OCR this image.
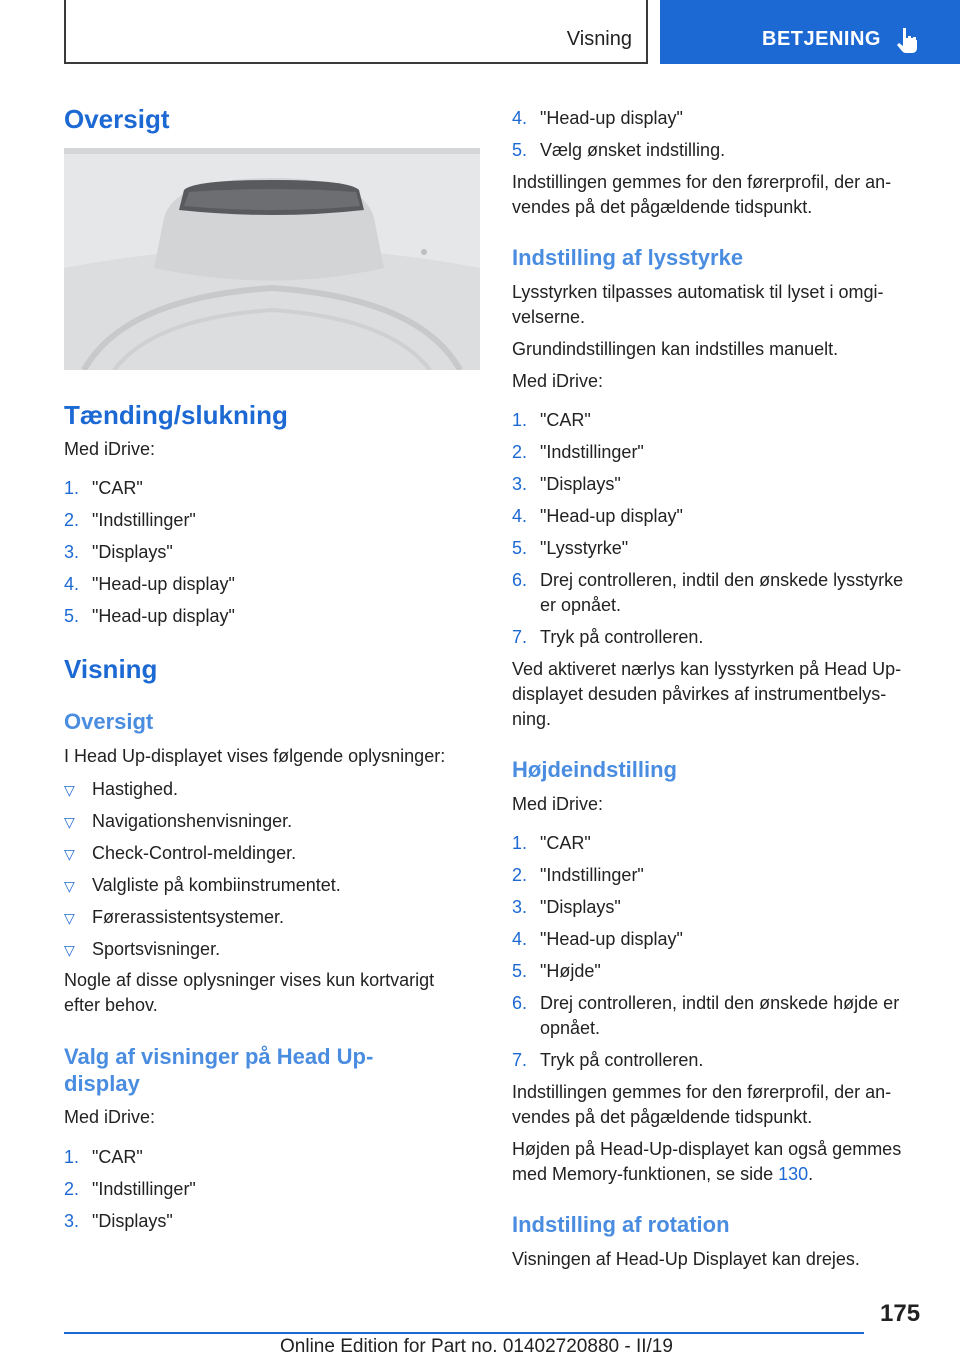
Visning	BETJENING
Oversigt
Tænding/slukning

Med iDrive:

1. "CAR"
2. "Indstillinger"
3. "Displays"
4. "Head-up display"
5. "Head-up display"
Visning
Oversigt

I Head Up-displayet vises følgende oplysninger:

▽ Hastighed.
▽ Navigationshenvisninger.
▽ Check-Control-meldinger.
▽ Valgliste på kombiinstrumentet.
▽ Førerassistentsystemer.
▽ Sportsvisninger.

Nogle af disse oplysninger vises kun kortvarigt

efter behov.

Valg af visninger på Head Up-
display

Med iDrive:

1. "CAR"
2. "Indstillinger"
3. "Displays"
4. "Head-up display"
5. Vælg ønsket indstilling.

Indstillingen gemmes for den førerprofil, der an-

vendes på det pågældende tidspunkt.

Indstilling af lysstyrke

Lysstyrken tilpasses automatisk til lyset i omgi-

velserne.

Grundindstillingen kan indstilles manuelt.

Med iDrive:

1. "CAR"
2. "Indstillinger"
3. "Displays"
4. "Head-up display"
5. "Lysstyrke"
6. Drej controlleren, indtil den ønskede lysstyrke
er opnået.
7. Tryk på controlleren.

Ved aktiveret nærlys kan lysstyrken på Head Up-

displayet desuden påvirkes af instrumentbelys-

ning.

Højdeindstilling

Med iDrive:

1. "CAR"
2. "Indstillinger"
3. "Displays"
4. "Head-up display"
5. "Højde"
6. Drej controlleren, indtil den ønskede højde er
opnået.
7. Tryk på controlleren.

Indstillingen gemmes for den førerprofil, der an-

vendes på det pågældende tidspunkt.

Højden på Head-Up-displayet kan også gemmes

med Memory-funktionen, se side 130.

Indstilling af rotation

Visningen af Head-Up Displayet kan drejes.

175
Online Edition for Part no. 01402720880 - II/19
